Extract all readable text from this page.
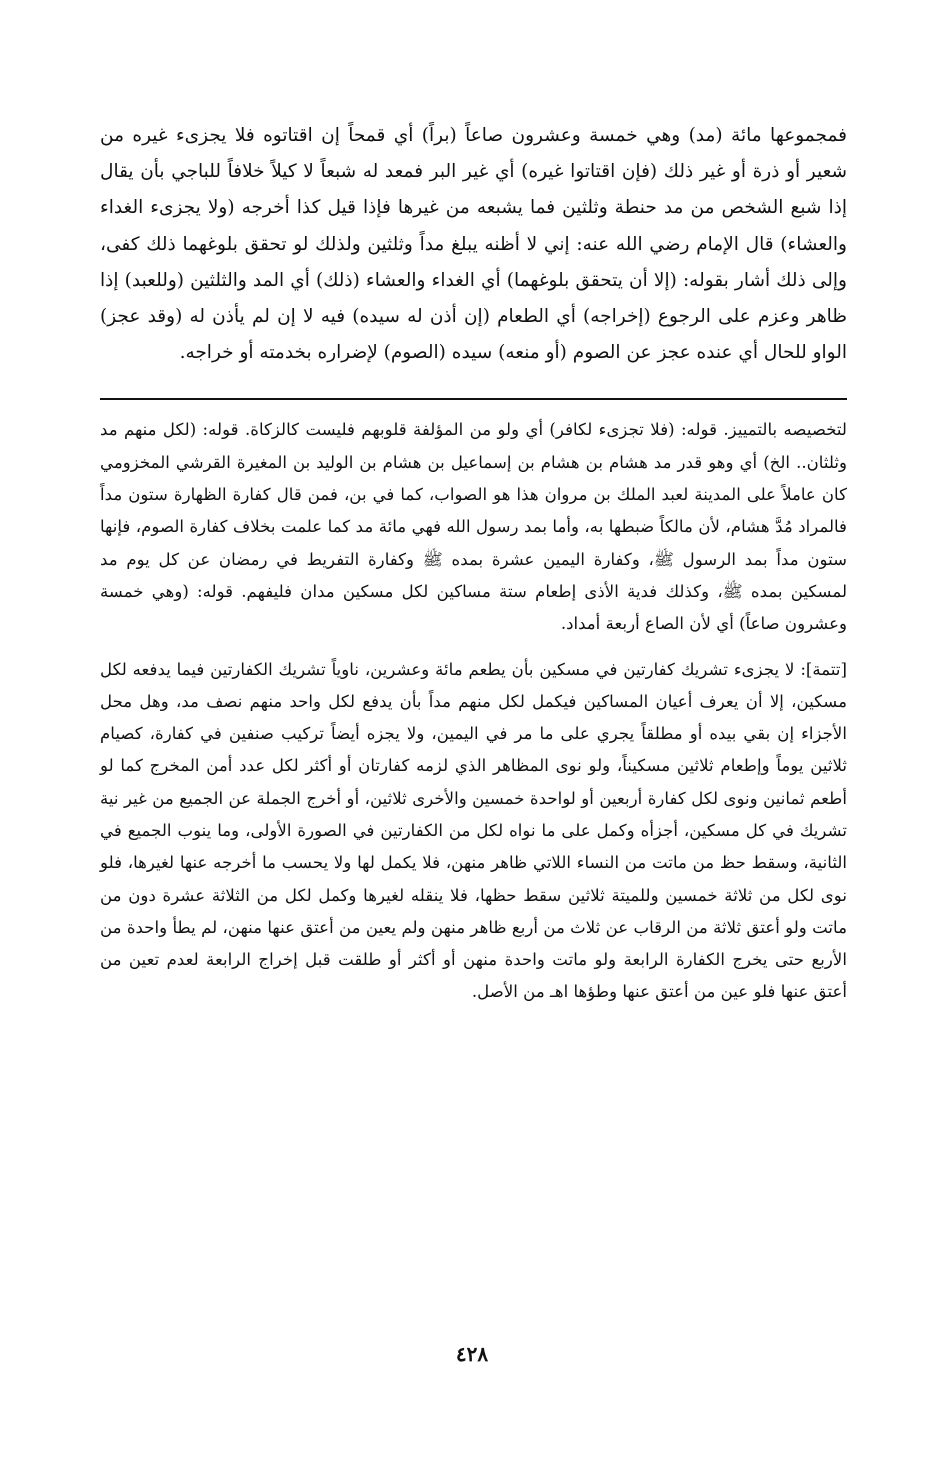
فمجموعها مائة (مد) وهي خمسة وعشرون صاعاً (براً) أي قمحاً إن اقتاتوه فلا يجزىء غيره من شعير أو ذرة أو غير ذلك (فإن اقتاتوا غيره) أي غير البر فمعد له شبعاً لا كيلاً خلافاً للباجي بأن يقال إذا شبع الشخص من مد حنطة وثلثين فما يشبعه من غيرها فإذا قيل كذا أخرجه (ولا يجزىء الغداء والعشاء) قال الإمام رضي الله عنه: إني لا أظنه يبلغ مداً وثلثين ولذلك لو تحقق بلوغهما ذلك كفى، وإلى ذلك أشار بقوله: (إلا أن يتحقق بلوغهما) أي الغداء والعشاء (ذلك) أي المد والثلثين (وللعبد) إذا ظاهر وعزم على الرجوع (إخراجه) أي الطعام (إن أذن له سيده) فيه لا إن لم يأذن له (وقد عجز) الواو للحال أي عنده عجز عن الصوم (أو منعه) سيده (الصوم) لإضراره بخدمته أو خراجه.

لتخصيصه بالتمييز. قوله: (فلا تجزىء لكافر) أي ولو من المؤلفة قلوبهم فليست كالزكاة. قوله: (لكل منهم مد وثلثان.. الخ) أي وهو قدر مد هشام بن هشام بن إسماعيل بن هشام بن الوليد بن المغيرة القرشي المخزومي كان عاملاً على المدينة لعبد الملك بن مروان هذا هو الصواب، كما في بن، فمن قال كفارة الظهارة ستون مداً فالمراد مُدَّ هشام، لأن مالكاً ضبطها به، وأما بمد رسول الله فهي مائة مد كما علمت بخلاف كفارة الصوم، فإنها ستون مداً بمد الرسول ﷺ، وكفارة اليمين عشرة بمده ﷺ وكفارة التفريط في رمضان عن كل يوم مد لمسكين بمده ﷺ، وكذلك فدية الأذى إطعام ستة مساكين لكل مسكين مدان فليفهم. قوله: (وهي خمسة وعشرون صاعاً) أي لأن الصاع أربعة أمداد.

[تتمة]: لا يجزىء تشريك كفارتين في مسكين بأن يطعم مائة وعشرين، ناوياً تشريك الكفارتين فيما يدفعه لكل مسكين، إلا أن يعرف أعيان المساكين فيكمل لكل منهم مداً بأن يدفع لكل واحد منهم نصف مد، وهل محل الأجزاء إن بقي بيده أو مطلقاً يجري على ما مر في اليمين، ولا يجزه أيضاً تركيب صنفين في كفارة، كصيام ثلاثين يوماً وإطعام ثلاثين مسكيناً، ولو نوى المظاهر الذي لزمه كفارتان أو أكثر لكل عدد أمن المخرج كما لو أطعم ثمانين ونوى لكل كفارة أربعين أو لواحدة خمسين والأخرى ثلاثين، أو أخرج الجملة عن الجميع من غير نية تشريك في كل مسكين، أجزأه وكمل على ما نواه لكل من الكفارتين في الصورة الأولى، وما ينوب الجميع في الثانية، وسقط حظ من ماتت من النساء اللاتي ظاهر منهن، فلا يكمل لها ولا يحسب ما أخرجه عنها لغيرها، فلو نوى لكل من ثلاثة خمسين وللميتة ثلاثين سقط حظها، فلا ينقله لغيرها وكمل لكل من الثلاثة عشرة دون من ماتت ولو أعتق ثلاثة من الرقاب عن ثلاث من أربع ظاهر منهن ولم يعين من أعتق عنها منهن، لم يطأ واحدة من الأربع حتى يخرج الكفارة الرابعة ولو ماتت واحدة منهن أو أكثر أو طلقت قبل إخراج الرابعة لعدم تعين من أعتق عنها فلو عين من أعتق عنها وطؤها اهـ من الأصل.

٤٢٨
